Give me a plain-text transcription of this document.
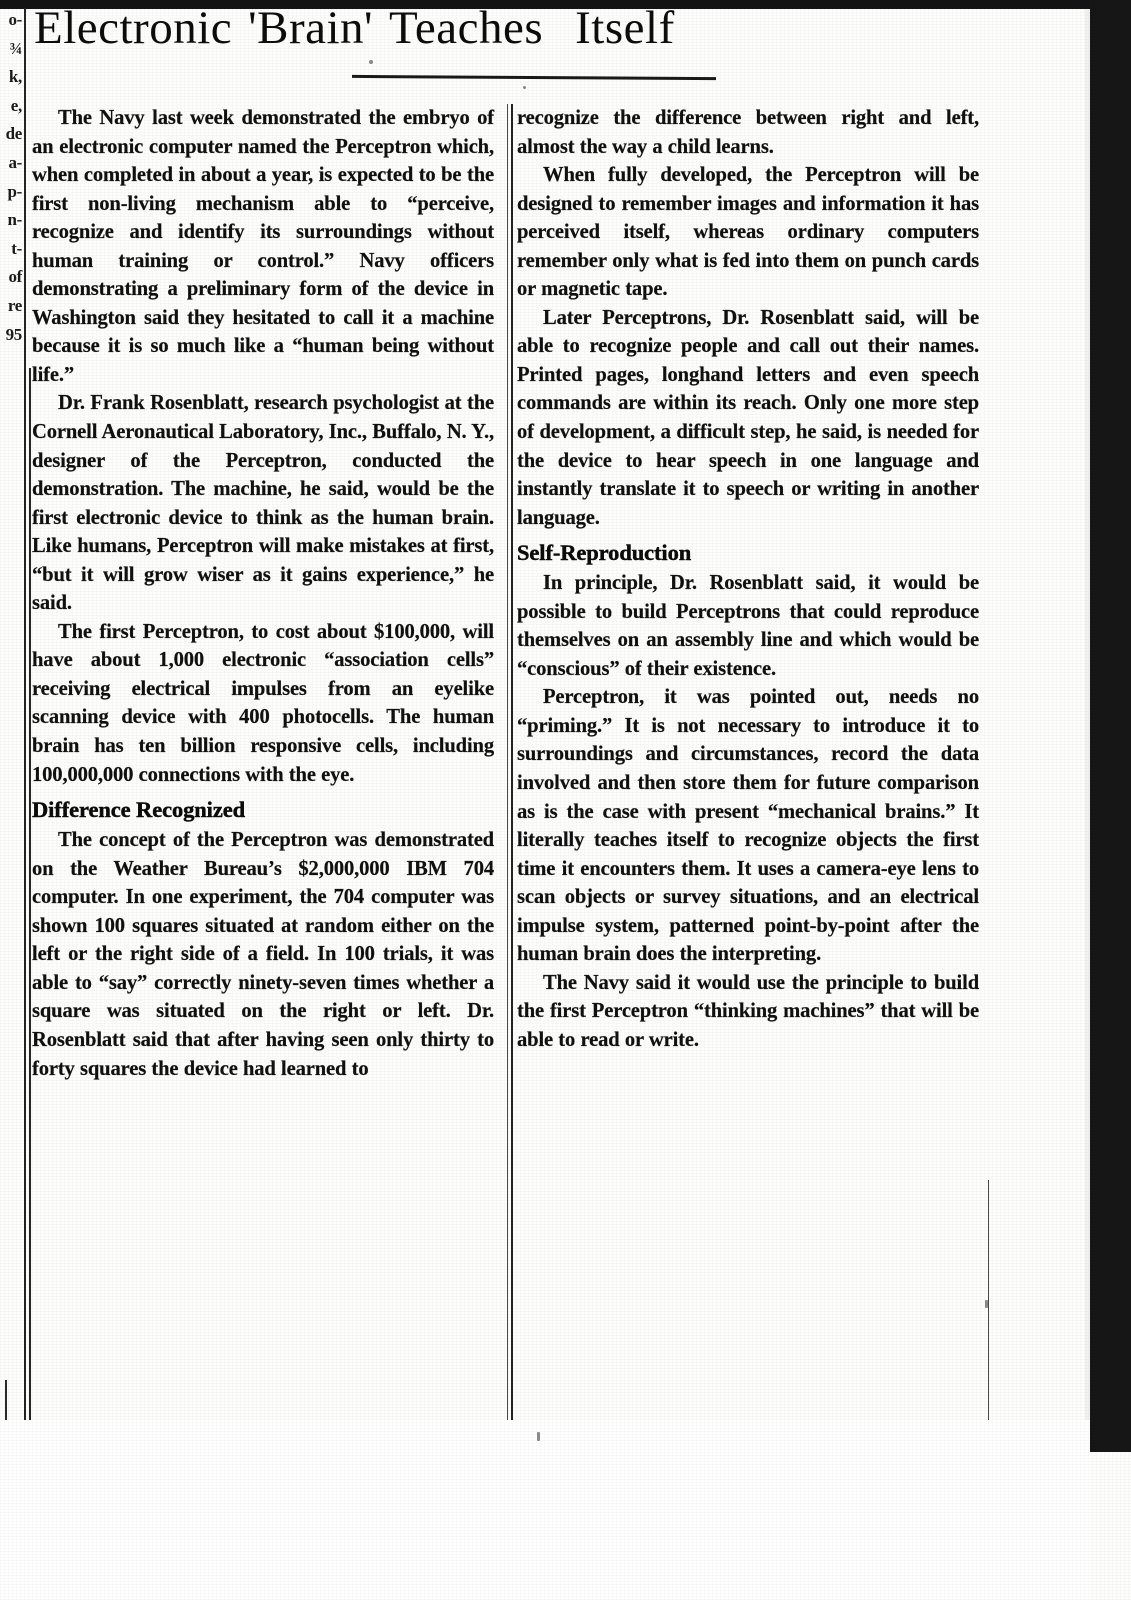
o-
¾
k,
e,
de
a-
p-
n-
t-
of
re
95
Electronic 'Brain' Teaches Itself

The Navy last week demonstrated the embryo of an electronic computer named the Perceptron which, when completed in about a year, is expected to be the first non-living mechanism able to “perceive, recognize and identify its surroundings without human training or control.” Navy officers demonstrating a preliminary form of the device in Washington said they hesitated to call it a machine because it is so much like a “human being without life.”

Dr. Frank Rosenblatt, research psychologist at the Cornell Aeronautical Laboratory, Inc., Buffalo, N. Y., designer of the Perceptron, conducted the demonstration. The machine, he said, would be the first electronic device to think as the human brain. Like humans, Perceptron will make mistakes at first, “but it will grow wiser as it gains experience,” he said.

The first Perceptron, to cost about $100,000, will have about 1,000 electronic “association cells” receiving electrical impulses from an eyelike scanning device with 400 photocells. The human brain has ten billion responsive cells, including 100,000,000 connections with the eye.

Difference Recognized

The concept of the Perceptron was demonstrated on the Weather Bureau’s $2,000,000 IBM 704 computer. In one experiment, the 704 computer was shown 100 squares situated at random either on the left or the right side of a field. In 100 trials, it was able to “say” correctly ninety-seven times whether a square was situated on the right or left. Dr. Rosenblatt said that after having seen only thirty to forty squares the device had learned to

recognize the difference between right and left, almost the way a child learns.

When fully developed, the Perceptron will be designed to remember images and information it has perceived itself, whereas ordinary computers remember only what is fed into them on punch cards or magnetic tape.

Later Perceptrons, Dr. Rosenblatt said, will be able to recognize people and call out their names. Printed pages, longhand letters and even speech commands are within its reach. Only one more step of development, a difficult step, he said, is needed for the device to hear speech in one language and instantly translate it to speech or writing in another language.

Self-Reproduction

In principle, Dr. Rosenblatt said, it would be possible to build Perceptrons that could reproduce themselves on an assembly line and which would be “conscious” of their existence.

Perceptron, it was pointed out, needs no “priming.” It is not necessary to introduce it to surroundings and circumstances, record the data involved and then store them for future comparison as is the case with present “mechanical brains.” It literally teaches itself to recognize objects the first time it encounters them. It uses a camera-eye lens to scan objects or survey situations, and an electrical impulse system, patterned point-by-point after the human brain does the interpreting.

The Navy said it would use the principle to build the first Perceptron “thinking machines” that will be able to read or write.
